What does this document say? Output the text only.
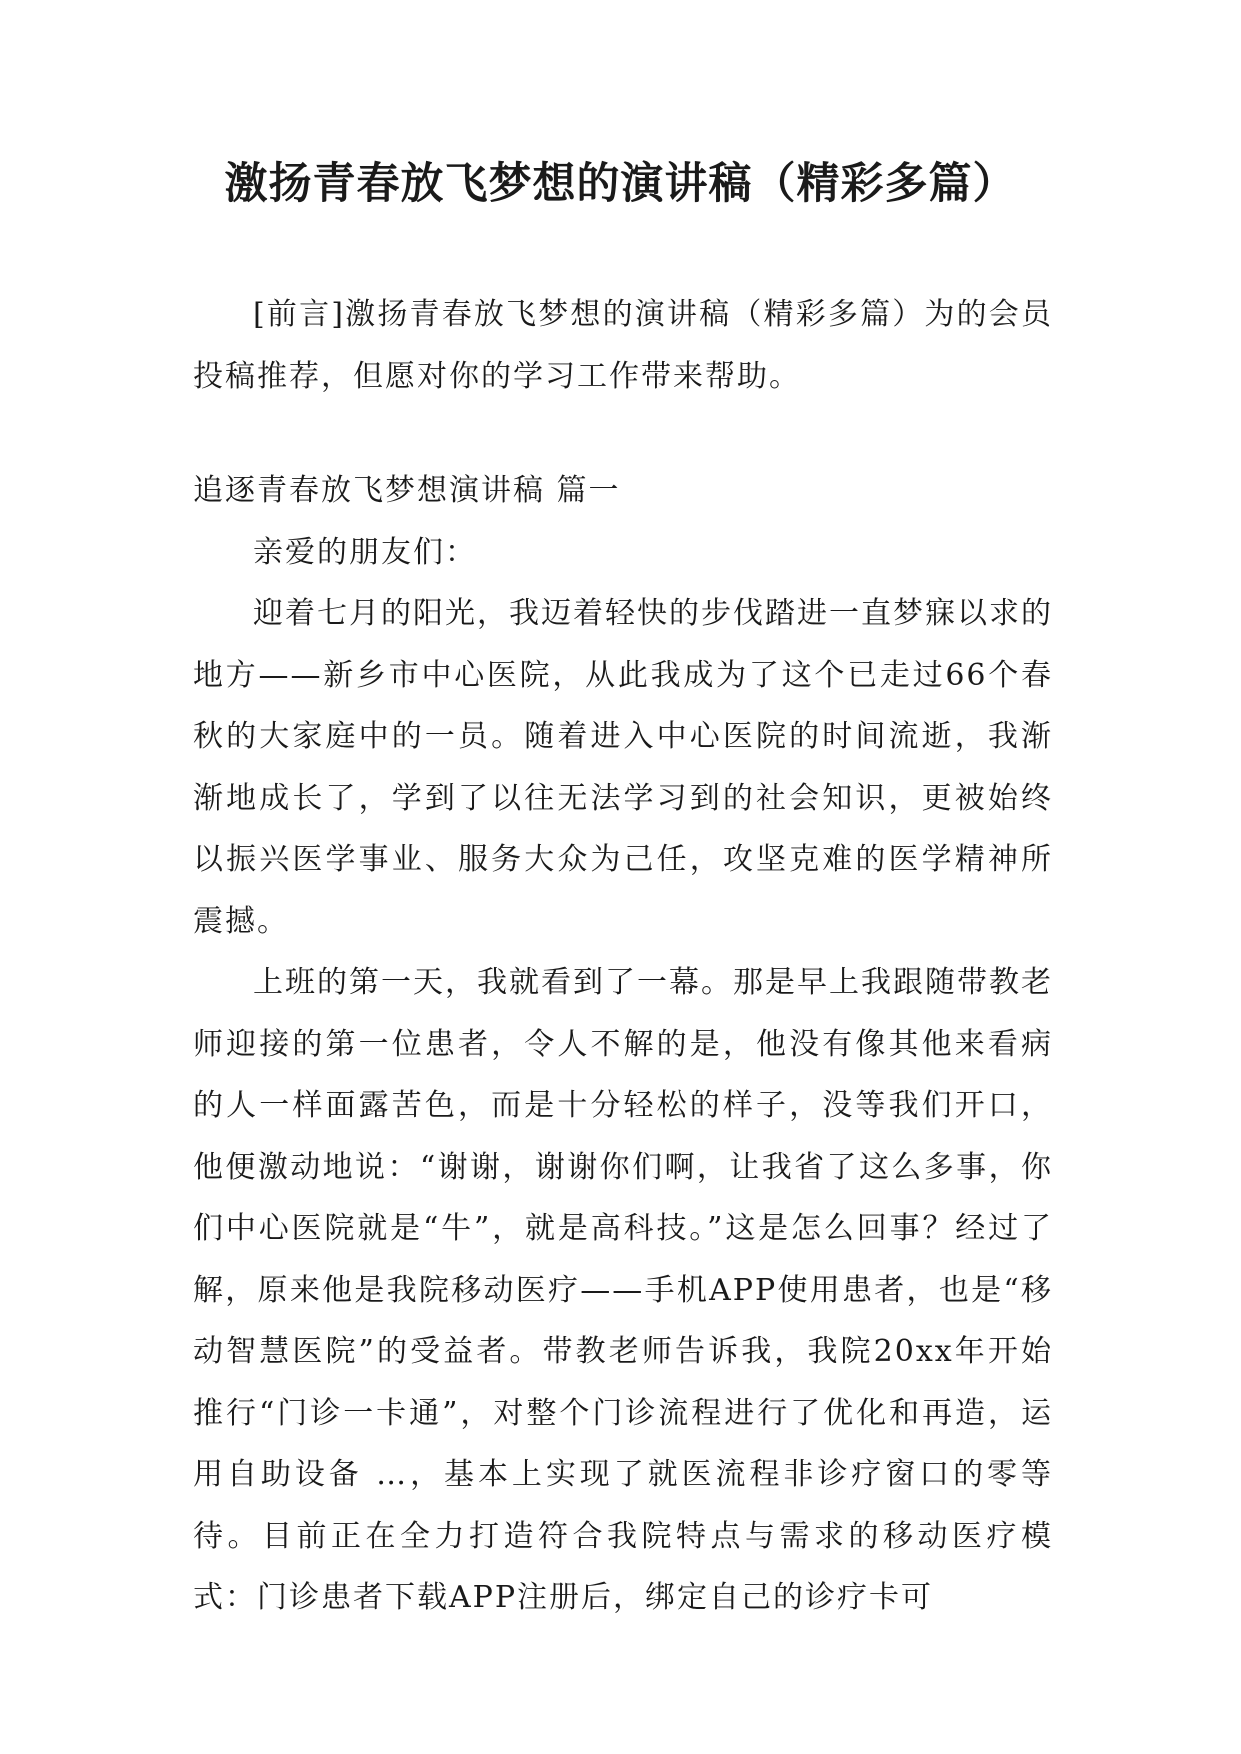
激扬青春放飞梦想的演讲稿（精彩多篇）

[前言]激扬青春放飞梦想的演讲稿（精彩多篇）为的会员投稿推荐，但愿对你的学习工作带来帮助。

追逐青春放飞梦想演讲稿 篇一
亲爱的朋友们：

迎着七月的阳光，我迈着轻快的步伐踏进一直梦寐以求的地方——新乡市中心医院，从此我成为了这个已走过66个春秋的大家庭中的一员。随着进入中心医院的时间流逝，我渐渐地成长了，学到了以往无法学习到的社会知识，更被始终以振兴医学事业、服务大众为己任，攻坚克难的医学精神所震撼。

上班的第一天，我就看到了一幕。那是早上我跟随带教老师迎接的第一位患者，令人不解的是，他没有像其他来看病的人一样面露苦色，而是十分轻松的样子，没等我们开口，他便激动地说：“谢谢，谢谢你们啊，让我省了这么多事，你们中心医院就是“牛”，就是高科技。”这是怎么回事？经过了解，原来他是我院移动医疗——手机APP使用患者，也是“移动智慧医院”的受益者。带教老师告诉我，我院20xx年开始推行“门诊一卡通”，对整个门诊流程进行了优化和再造，运用自助设备 …，基本上实现了就医流程非诊疗窗口的零等待。目前正在全力打造符合我院特点与需求的移动医疗模式：门诊患者下载APP注册后，绑定自己的诊疗卡可
